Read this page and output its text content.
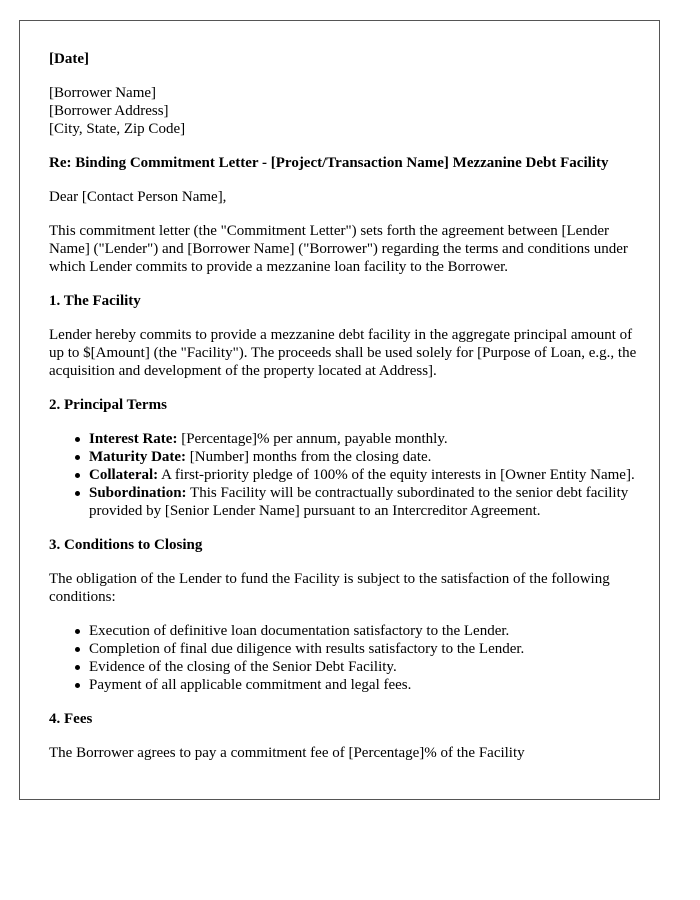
[Date]

[Borrower Name]
[Borrower Address]
[City, State, Zip Code]

Re: Binding Commitment Letter - [Project/Transaction Name] Mezzanine Debt Facility

Dear [Contact Person Name],

This commitment letter (the "Commitment Letter") sets forth the agreement between [Lender Name] ("Lender") and [Borrower Name] ("Borrower") regarding the terms and conditions under which Lender commits to provide a mezzanine loan facility to the Borrower.

1. The Facility

Lender hereby commits to provide a mezzanine debt facility in the aggregate principal amount of up to $[Amount] (the "Facility"). The proceeds shall be used solely for [Purpose of Loan, e.g., the acquisition and development of the property located at Address].

2. Principal Terms
Interest Rate: [Percentage]% per annum, payable monthly.
Maturity Date: [Number] months from the closing date.
Collateral: A first-priority pledge of 100% of the equity interests in [Owner Entity Name].
Subordination: This Facility will be contractually subordinated to the senior debt facility provided by [Senior Lender Name] pursuant to an Intercreditor Agreement.
3. Conditions to Closing

The obligation of the Lender to fund the Facility is subject to the satisfaction of the following conditions:

Execution of definitive loan documentation satisfactory to the Lender.
Completion of final due diligence with results satisfactory to the Lender.
Evidence of the closing of the Senior Debt Facility.
Payment of all applicable commitment and legal fees.
4. Fees

The Borrower agrees to pay a commitment fee of [Percentage]% of the Facility
